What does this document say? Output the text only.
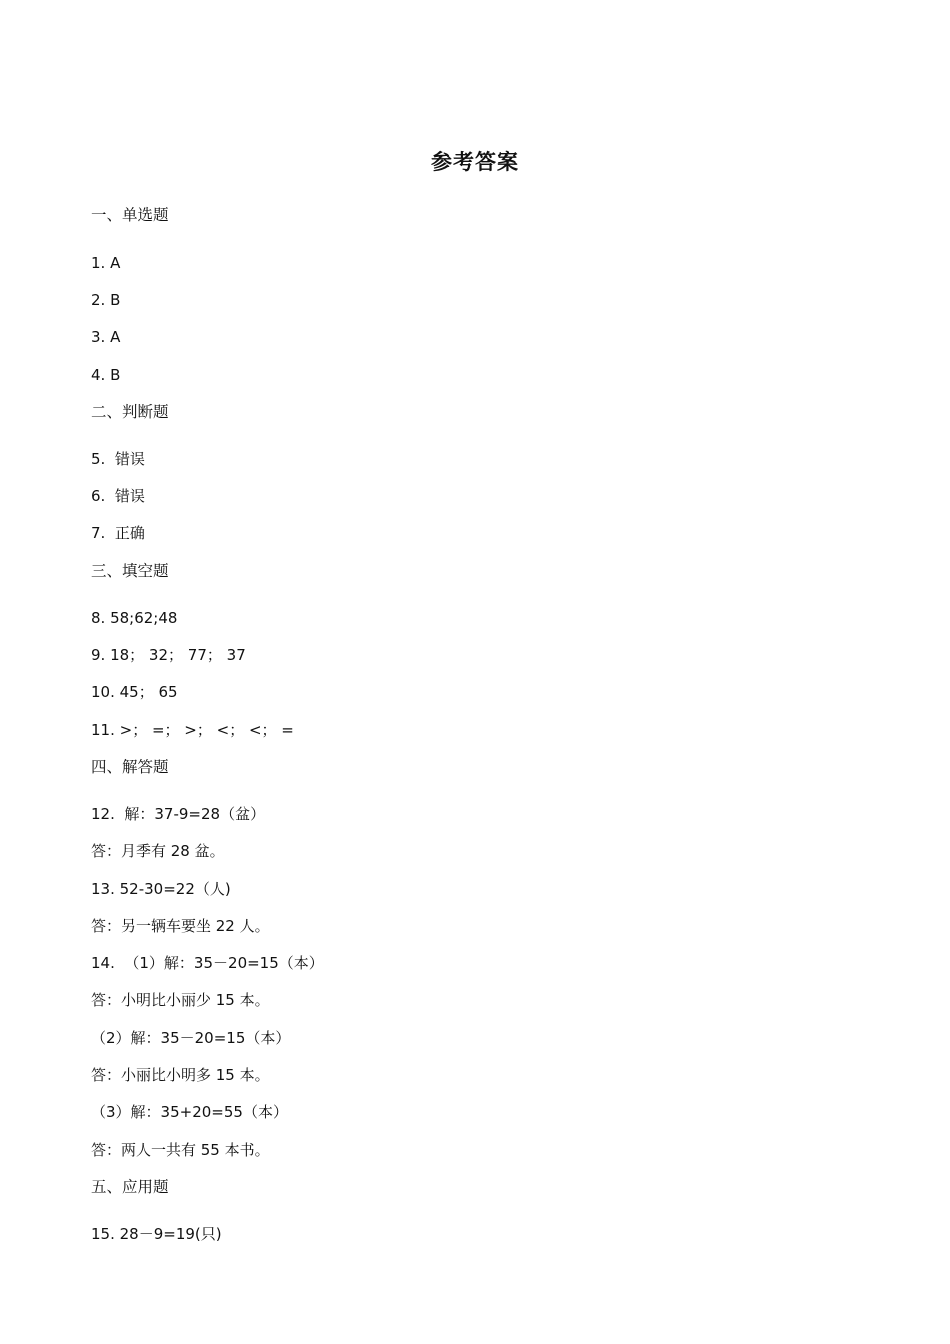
参考答案
一、单选题
1. A
2. B
3. A
4. B
二、判断题
5.  错误
6.  错误
7.  正确
三、填空题
8. 58;62;48
9. 18； 32； 77； 37
10. 45； 65
11. >； =； >； <； <； =
四、解答题
12.  解：37-9=28（盆）
答：月季有 28 盆。
13. 52-30=22（人)
答：另一辆车要坐 22 人。
14.  （1）解：35－20=15（本）
答：小明比小丽少 15 本。
（2）解：35－20=15（本）
答：小丽比小明多 15 本。
（3）解：35+20=55（本）
答：两人一共有 55 本书。
五、应用题
15. 28－9=19(只)
